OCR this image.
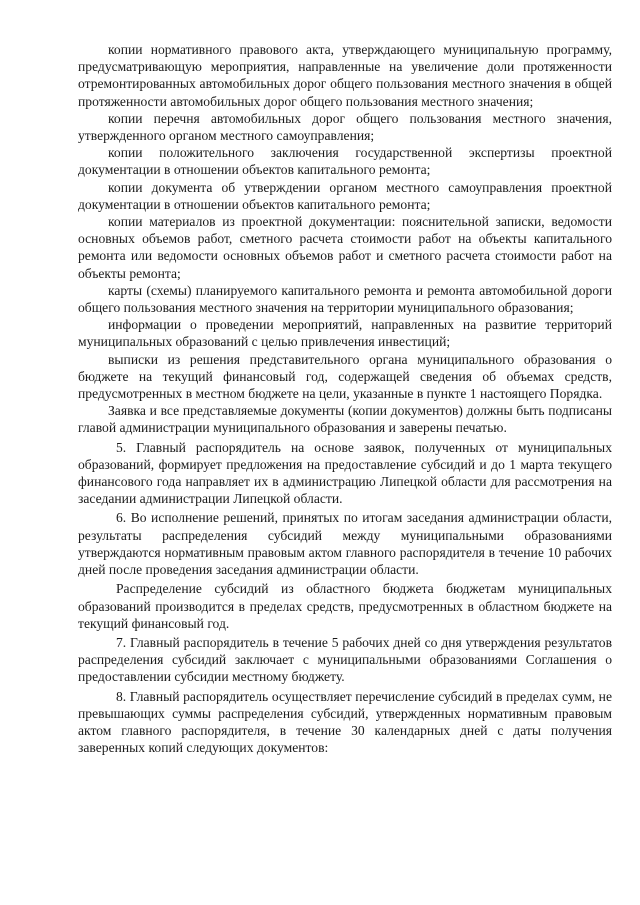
копии нормативного правового акта, утверждающего муниципальную программу, предусматривающую мероприятия, направленные на увеличение доли протяженности отремонтированных автомобильных дорог общего пользования местного значения в общей протяженности автомобильных дорог общего пользования местного значения;

копии перечня автомобильных дорог общего пользования местного значения, утвержденного органом местного самоуправления;

копии положительного заключения государственной экспертизы проектной документации в отношении объектов капитального ремонта;

копии документа об утверждении органом местного самоуправления проектной документации в отношении объектов капитального ремонта;

копии материалов из проектной документации: пояснительной записки, ведомости основных объемов работ, сметного расчета стоимости работ на объекты капитального ремонта или ведомости основных объемов работ и сметного расчета стоимости работ на объекты ремонта;

карты (схемы) планируемого капитального ремонта и ремонта автомобильной дороги общего пользования местного значения на территории муниципального образования;

информации о проведении мероприятий, направленных на развитие территорий муниципальных образований с целью привлечения инвестиций;

выписки из решения представительного органа муниципального образования о бюджете на текущий финансовый год, содержащей сведения об объемах средств, предусмотренных в местном бюджете на цели, указанные в пункте 1 настоящего Порядка.

Заявка и все представляемые документы (копии документов) должны быть подписаны главой администрации муниципального образования и заверены печатью.

5. Главный распорядитель на основе заявок, полученных от муниципальных образований, формирует предложения на предоставление субсидий и до 1 марта текущего финансового года направляет их в администрацию Липецкой области для рассмотрения на заседании администрации Липецкой области.

6. Во исполнение решений, принятых по итогам заседания администрации области, результаты распределения субсидий между муниципальными образованиями утверждаются нормативным правовым актом главного распорядителя в течение 10 рабочих дней после проведения заседания администрации области.

Распределение субсидий из областного бюджета бюджетам муниципальных образований производится в пределах средств, предусмотренных в областном бюджете на текущий финансовый год.

7. Главный распорядитель в течение 5 рабочих дней со дня утверждения результатов распределения субсидий заключает с муниципальными образованиями Соглашения о предоставлении субсидии местному бюджету.

8. Главный распорядитель осуществляет перечисление субсидий в пределах сумм, не превышающих суммы распределения субсидий, утвержденных нормативным правовым актом главного распорядителя, в течение 30 календарных дней с даты получения заверенных копий следующих документов:
